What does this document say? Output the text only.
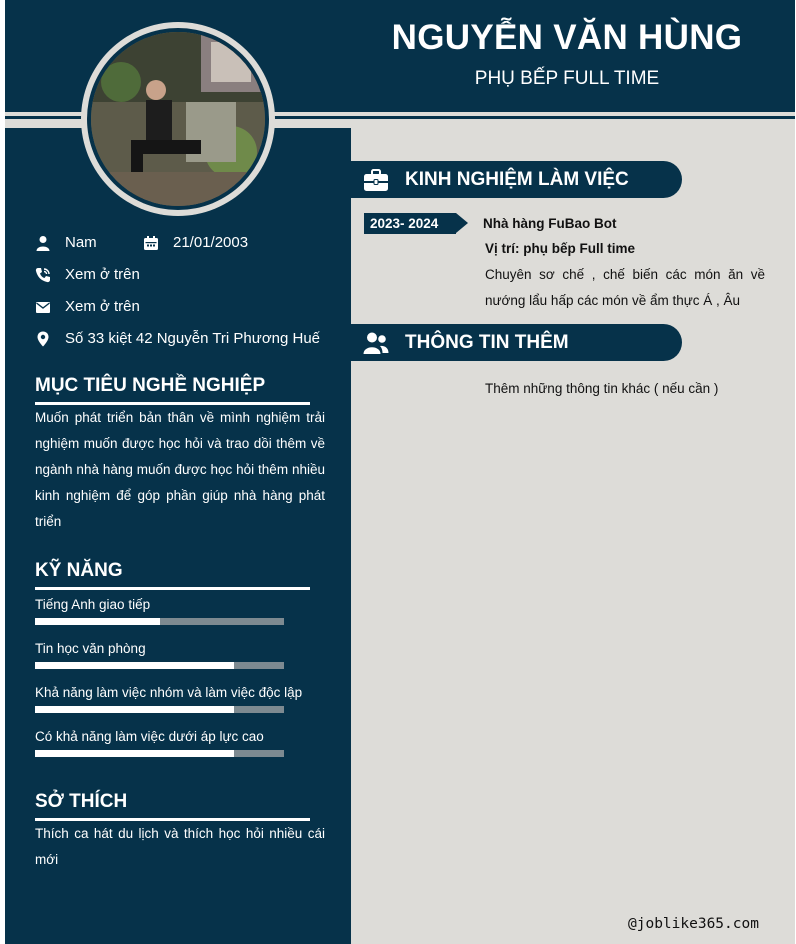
NGUYỄN VĂN HÙNG
PHỤ BẾP FULL TIME
Nam	21/01/2003
Xem ở trên
Xem ở trên
Số 33 kiệt 42 Nguyễn Tri Phương Huế
MỤC TIÊU NGHỀ NGHIỆP
Muốn phát triển bản thân về mình nghiệm trải nghiệm muốn được học hỏi và trao dồi thêm về ngành nhà hàng muốn được học hỏi thêm nhiều kinh nghiệm để góp phần giúp nhà hàng phát triển
KỸ NĂNG
Tiếng Anh giao tiếp
Tin học văn phòng
Khả năng làm việc nhóm và làm việc độc lập
Có khả năng làm việc dưới áp lực cao
SỞ THÍCH
Thích ca hát du lịch và thích học hỏi nhiều cái mới
KINH NGHIỆM LÀM VIỆC
2023- 2024	Nhà hàng FuBao Bot
Vị trí: phụ bếp Full time
Chuyên sơ chế , chế biến các món ăn về nướng lẩu hấp các món về ẩm thực Á , Âu
THÔNG TIN THÊM
Thêm những thông tin khác ( nếu cần )
@joblike365.com
